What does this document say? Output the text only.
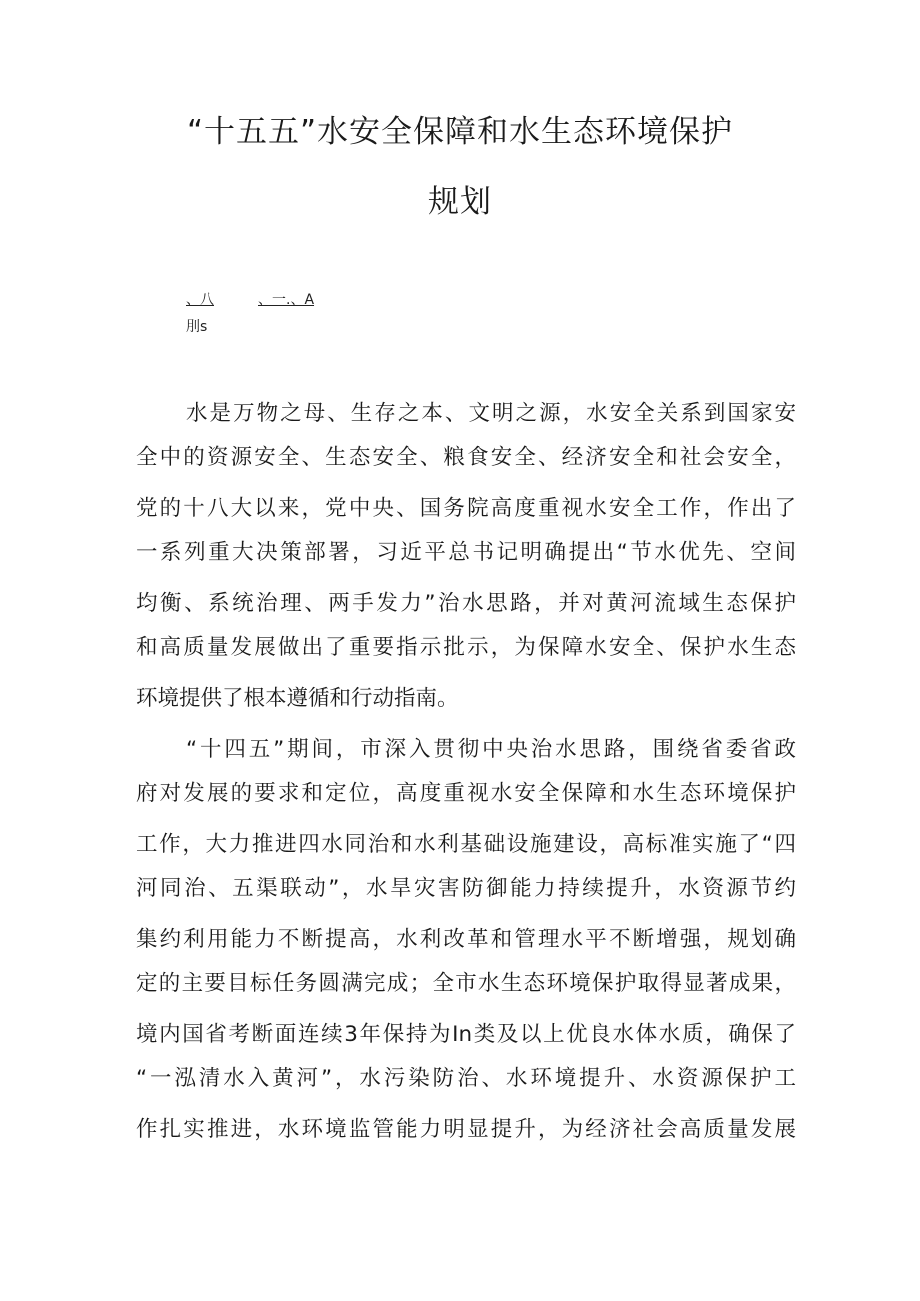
“十五五”水安全保障和水生态环境保护
规划
、八	、一.、A
刖s
水是万物之母、生存之本、文明之源，水安全关系到国家安
全中的资源安全、生态安全、粮食安全、经济安全和社会安全，
党的十八大以来，党中央、国务院高度重视水安全工作，作出了
一系列重大决策部署，习近平总书记明确提出“节水优先、空间
均衡、系统治理、两手发力”治水思路，并对黄河流域生态保护
和高质量发展做出了重要指示批示，为保障水安全、保护水生态
环境提供了根本遵循和行动指南。
“十四五”期间，市深入贯彻中央治水思路，围绕省委省政
府对发展的要求和定位，高度重视水安全保障和水生态环境保护
工作，大力推进四水同治和水利基础设施建设，高标准实施了“四
河同治、五渠联动”，水旱灾害防御能力持续提升，水资源节约
集约利用能力不断提高，水利改革和管理水平不断增强，规划确
定的主要目标任务圆满完成；全市水生态环境保护取得显著成果，
境内国省考断面连续3年保持为In类及以上优良水体水质，确保了
“一泓清水入黄河”，水污染防治、水环境提升、水资源保护工
作扎实推进，水环境监管能力明显提升，为经济社会高质量发展
